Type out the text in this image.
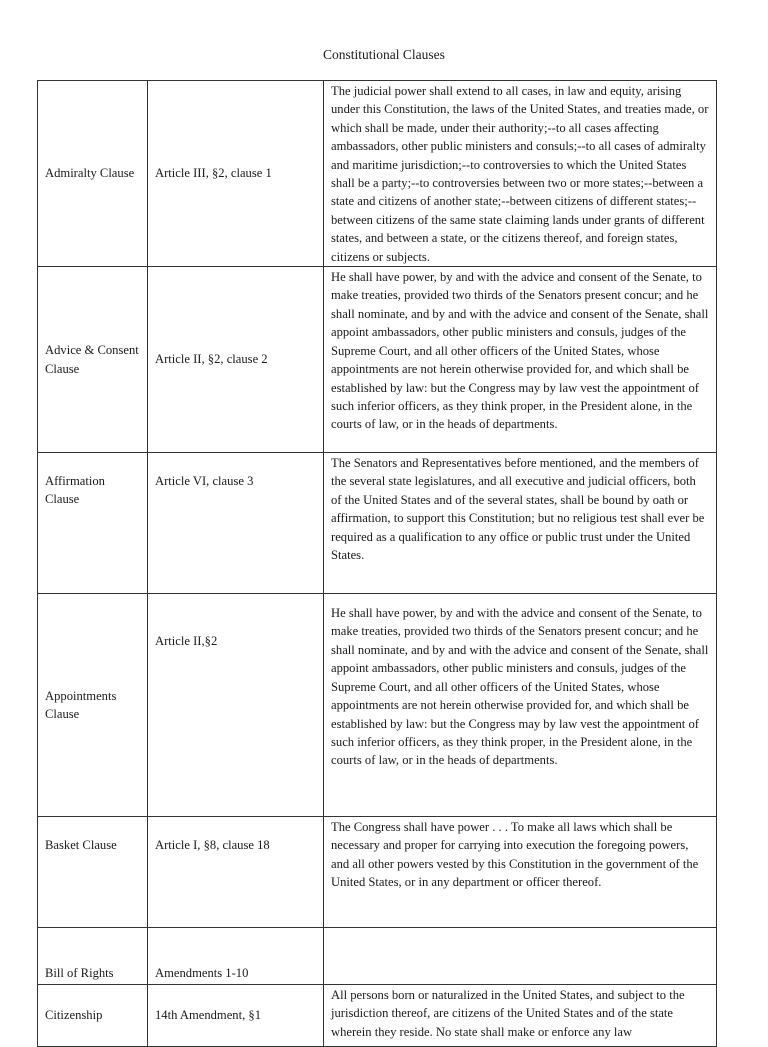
Constitutional Clauses
Admiralty Clause	Article III, §2, clause 1	The judicial power shall extend to all cases, in law and equity, arising under this Constitution, the laws of the United States, and treaties made, or which shall be made, under their authority;--to all cases affecting ambassadors, other public ministers and consuls;--to all cases of admiralty and maritime jurisdiction;--to controversies to which the United States shall be a party;--to controversies between two or more states;--between a state and citizens of another state;--between citizens of different states;--between citizens of the same state claiming lands under grants of different states, and between a state, or the citizens thereof, and foreign states, citizens or subjects.
Advice & Consent Clause	Article II, §2, clause 2	He shall have power, by and with the advice and consent of the Senate, to make treaties, provided two thirds of the Senators present concur; and he shall nominate, and by and with the advice and consent of the Senate, shall appoint ambassadors, other public ministers and consuls, judges of the Supreme Court, and all other officers of the United States, whose appointments are not herein otherwise provided for, and which shall be established by law: but the Congress may by law vest the appointment of such inferior officers, as they think proper, in the President alone, in the courts of law, or in the heads of departments.
Affirmation Clause	Article VI, clause 3	The Senators and Representatives before mentioned, and the members of the several state legislatures, and all executive and judicial officers, both of the United States and of the several states, shall be bound by oath or affirmation, to support this Constitution; but no religious test shall ever be required as a qualification to any office or public trust under the United States.
Appointments Clause	Article II,§2	He shall have power, by and with the advice and consent of the Senate, to make treaties, provided two thirds of the Senators present concur; and he shall nominate, and by and with the advice and consent of the Senate, shall appoint ambassadors, other public ministers and consuls, judges of the Supreme Court, and all other officers of the United States, whose appointments are not herein otherwise provided for, and which shall be established by law: but the Congress may by law vest the appointment of such inferior officers, as they think proper, in the President alone, in the courts of law, or in the heads of departments.
Basket Clause	Article I, §8, clause 18	The Congress shall have power . . . To make all laws which shall be necessary and proper for carrying into execution the foregoing powers, and all other powers vested by this Constitution in the government of the United States, or in any department or officer thereof.
Bill of Rights	Amendments 1-10	
Citizenship	14th Amendment, §1	All persons born or naturalized in the United States, and subject to the jurisdiction thereof, are citizens of the United States and of the state wherein they reside. No state shall make or enforce any law
